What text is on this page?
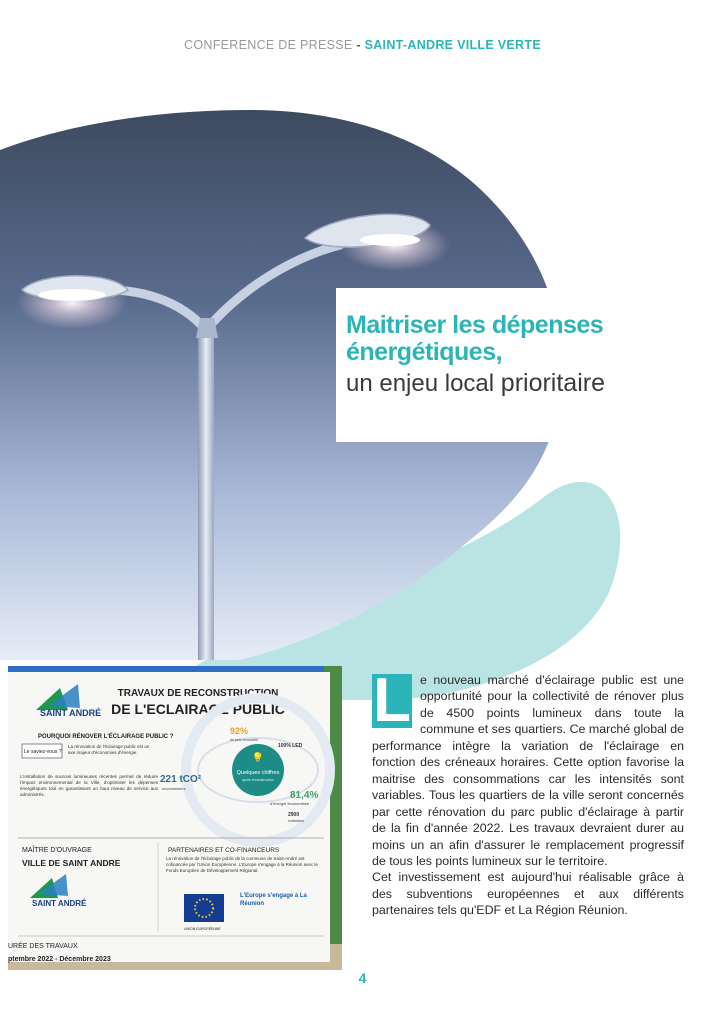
CONFERENCE DE PRESSE - SAINT-ANDRE VILLE VERTE
Maitriser les dépenses
énergétiques,
un enjeu local prioritaire
SAINT ANDRÉ
TRAVAUX DE RECONSTRUCTION
DE L'ECLAIRAGE PUBLIC
POURQUOI RÉNOVER L'ÉCLAIRAGE PUBLIC ?
Le saviez-vous ?
La rénovation de l'éclairage public est un axe majeur d'économies d'énergie.
L'installation de sources lumineuses récentes permet de réduire l'impact environnemental de la Ville, d'optimiser les dépenses énergétiques tout en garantissant un haut niveau de service aux administrés.
💡
Quelques chiffres
après reconstruction
92%
du parc renouvelé
100% LED
221 tCO²
économisées
81,4%
d'énergie économisée
2900
luminaires
MAÎTRE D'OUVRAGE
VILLE DE SAINT ANDRE
SAINT ANDRÉ
PARTENAIRES ET CO-FINANCEURS
La rénovation de l'éclairage public de la commune de Saint-André est cofinancée par l'Union Européenne. L'Europe s'engage à la Réunion avec le Fonds Européen de Développement Régional.
UNION EUROPÉENNE
L'Europe s'engage à La Réunion
URÉE DES TRAVAUX
ptembre 2022 - Décembre 2023
L e nouveau marché d'éclairage public est une opportunité pour la collectivité de rénover plus de 4500 points lumineux dans toute la commune et ses quartiers. Ce marché global de performance intègre la variation de l'éclairage en fonction des créneaux horaires. Cette option favorise la maitrise des consommations car les intensités sont variables. Tous les quartiers de la ville seront concernés par cette rénovation du parc public d'éclairage à partir de la fin d'année 2022. Les travaux devraient durer au moins un an afin d'assurer le remplacement progressif de tous les points lumineux sur le territoire.

Cet investissement est aujourd'hui réalisable grâce à des subventions européennes et aux différents partenaires tels qu'EDF et La Région Réunion.

4
